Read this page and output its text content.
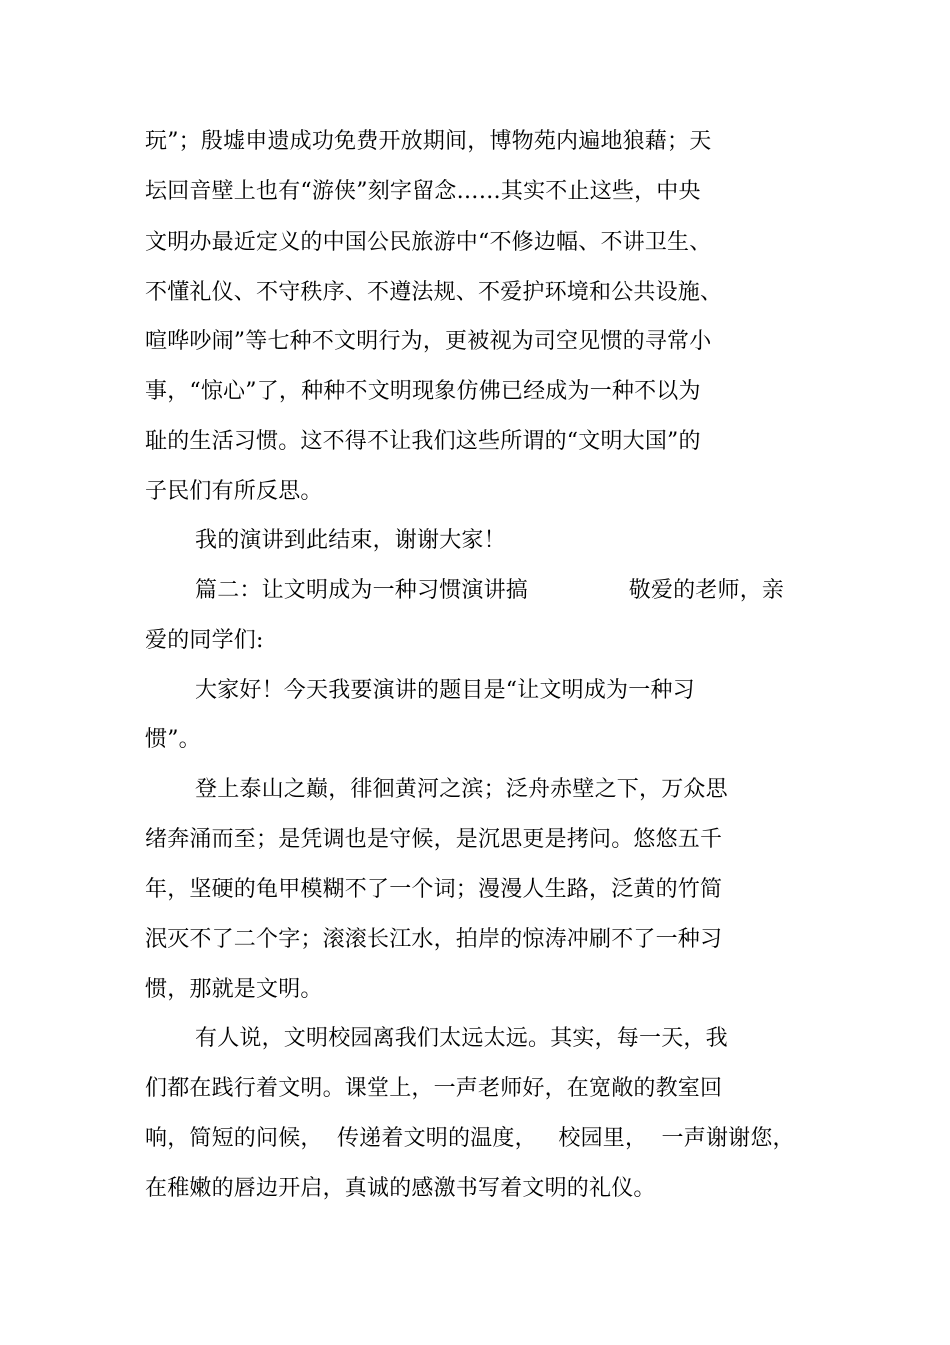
玩”；殷墟申遗成功免费开放期间，博物苑内遍地狼藉；天
坛回音壁上也有“游侠”刻字留念……其实不止这些，中央
文明办最近定义的中国公民旅游中“不修边幅、不讲卫生、
不懂礼仪、不守秩序、不遵法规、不爱护环境和公共设施、
喧哗吵闹”等七种不文明行为，更被视为司空见惯的寻常小
事，“惊心”了，种种不文明现象仿佛已经成为一种不以为
耻的生活习惯。这不得不让我们这些所谓的“文明大国”的
子民们有所反思。
我的演讲到此结束，谢谢大家！
篇二：让文明成为一种习惯演讲搞              敬爱的老师，亲
爱的同学们:
大家好！今天我要演讲的题目是“让文明成为一种习
惯”。
登上泰山之巅，徘徊黄河之滨；泛舟赤壁之下，万众思
绪奔涌而至；是凭调也是守候，是沉思更是拷问。悠悠五千
年，坚硬的龟甲模糊不了一个词；漫漫人生路，泛黄的竹简
泯灭不了二个字；滚滚长江水，拍岸的惊涛冲刷不了一种习
惯，那就是文明。
有人说，文明校园离我们太远太远。其实，每一天，我
们都在践行着文明。课堂上，一声老师好，在宽敞的教室回
响，简短的问候，  传递着文明的温度，   校园里，  一声谢谢您，
在稚嫩的唇边开启，真诚的感激书写着文明的礼仪。
